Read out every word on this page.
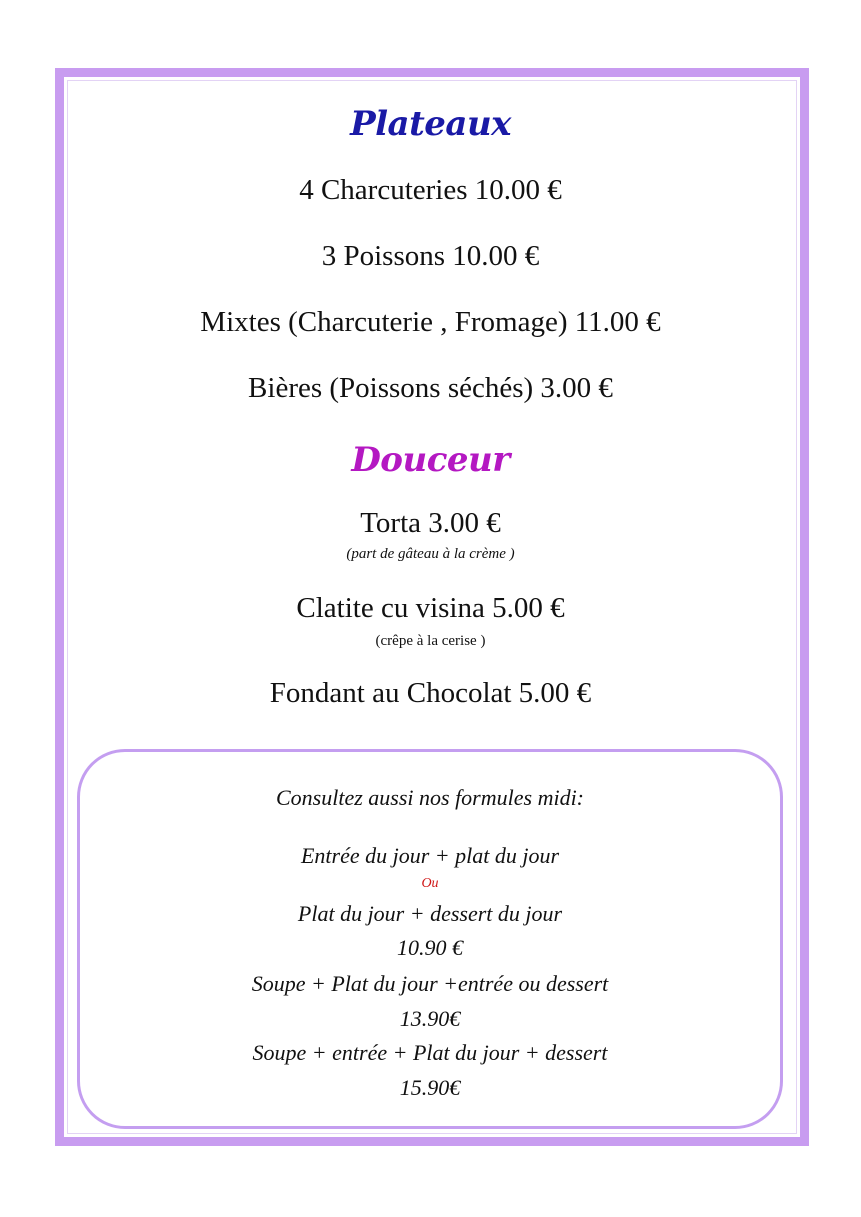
Plateaux
4 Charcuteries 10.00 €
3 Poissons 10.00 €
Mixtes (Charcuterie , Fromage) 11.00 €
Bières (Poissons séchés) 3.00 €
Douceur
Torta 3.00 €
(part de gâteau à la crème )
Clatite cu visina 5.00 €
(crêpe à la cerise )
Fondant au Chocolat 5.00 €
Consultez aussi nos formules midi:
Entrée du jour + plat du jour
Ou
Plat du jour + dessert du jour
10.90 €
Soupe + Plat du jour +entrée ou dessert
13.90€
Soupe + entrée + Plat du jour + dessert
15.90€
